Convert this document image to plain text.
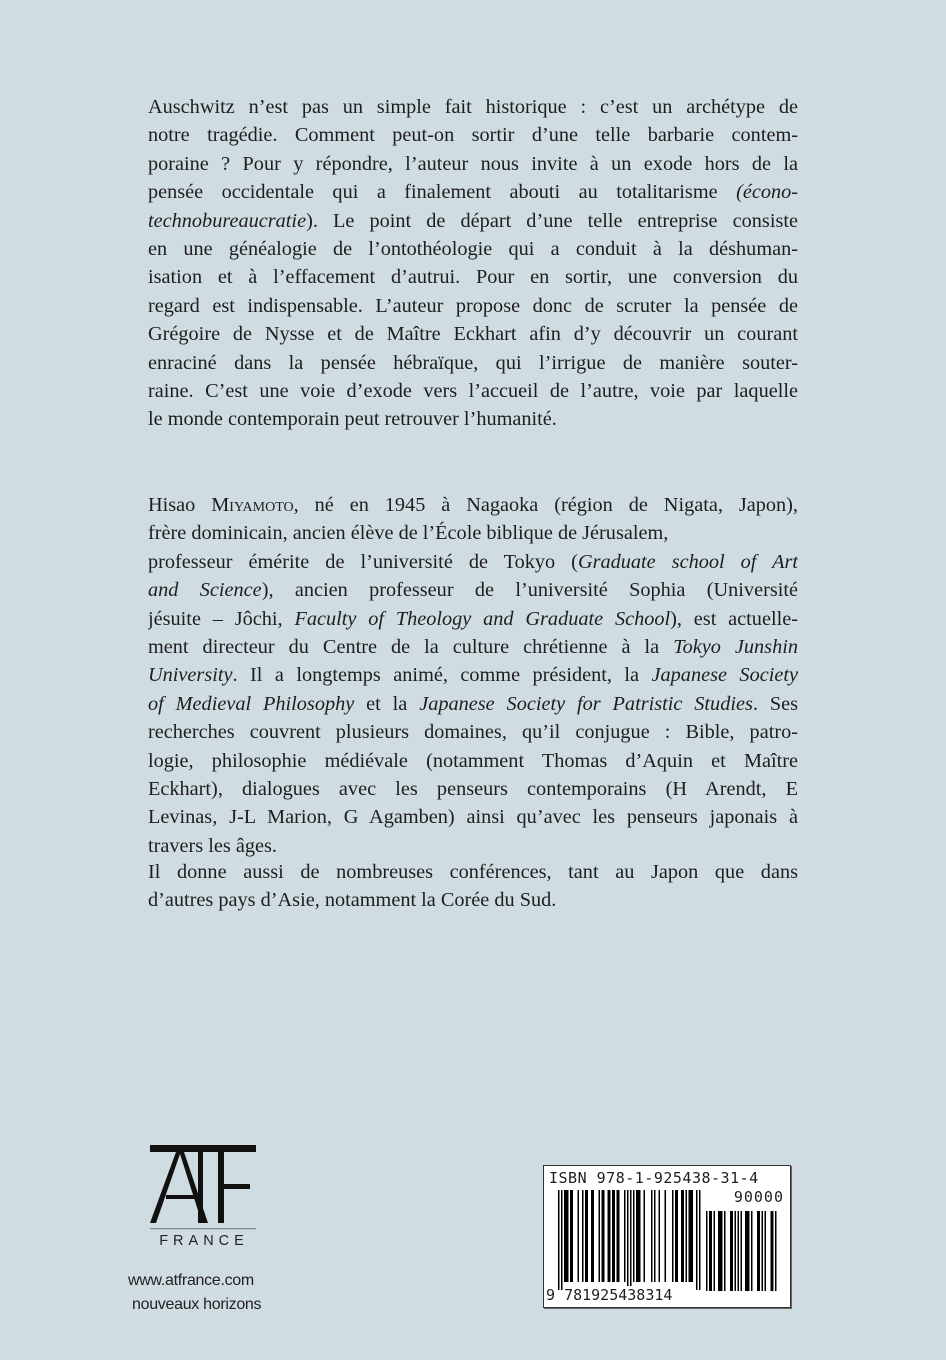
Auschwitz n’est pas un simple fait historique : c’est un archétype de
notre tragédie. Comment peut-on sortir d’une telle barbarie contem-
poraine ? Pour y répondre, l’auteur nous invite à un exode hors de la
pensée occidentale qui a finalement abouti au totalitarisme (écono-
technobureaucratie). Le point de départ d’une telle entreprise consiste
en une généalogie de l’ontothéologie qui a conduit à la déshuman-
isation et à l’effacement d’autrui. Pour en sortir, une conversion du
regard est indispensable. L’auteur propose donc de scruter la pensée de
Grégoire de Nysse et de Maître Eckhart afin d’y découvrir un courant
enraciné dans la pensée hébraïque, qui l’irrigue de manière souter-
raine. C’est une voie d’exode vers l’accueil de l’autre, voie par laquelle
le monde contemporain peut retrouver l’humanité.
Hisao Miyamoto, né en 1945 à Nagaoka (région de Nigata, Japon),
frère dominicain, ancien élève de l’École biblique de Jérusalem,
professeur émérite de l’université de Tokyo (Graduate school of Art
and Science), ancien professeur de l’université Sophia (Université
jésuite – Jôchi, Faculty of Theology and Graduate School), est actuelle-
ment directeur du Centre de la culture chrétienne à la Tokyo Junshin
University. Il a longtemps animé, comme président, la Japanese Society
of Medieval Philosophy et la Japanese Society for Patristic Studies. Ses
recherches couvrent plusieurs domaines, qu’il conjugue : Bible, patro-
logie, philosophie médiévale (notamment Thomas d’Aquin et Maître
Eckhart), dialogues avec les penseurs contemporains (H Arendt, E
Levinas, J-L Marion, G Agamben) ainsi qu’avec les penseurs japonais à
travers les âges.
Il donne aussi de nombreuses conférences, tant au Japon que dans
d’autres pays d’Asie, notamment la Corée du Sud.
FRANCE
www.atfrance.com
nouveaux horizons
ISBN 978-1-925438-31-4
90000
9 781925438314
